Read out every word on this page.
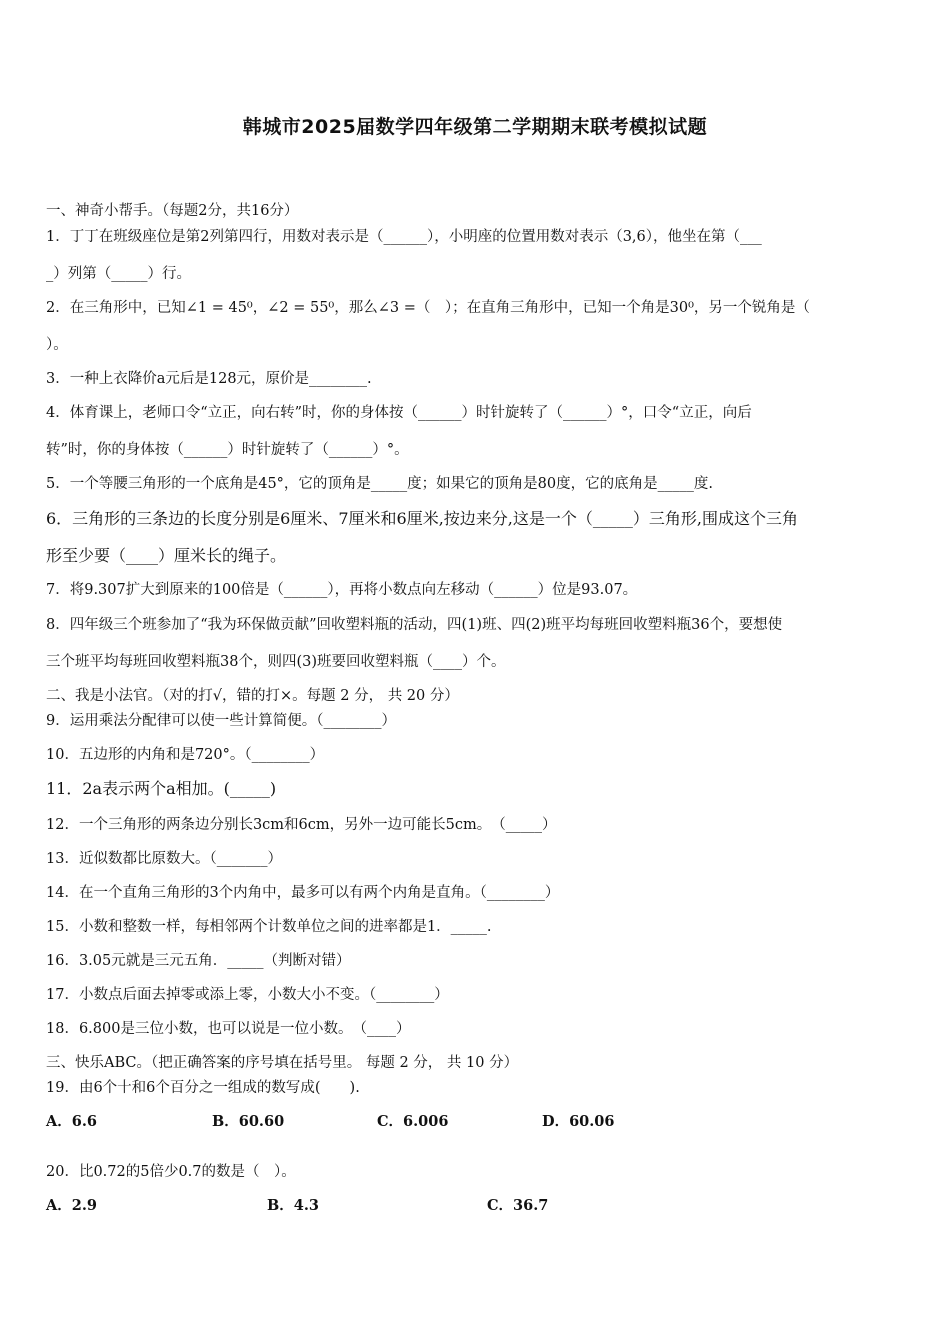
韩城市2025届数学四年级第二学期期末联考模拟试题
一、神奇小帮手。（每题2分，共16分）
1．丁丁在班级座位是第2列第四行，用数对表示是（______），小明座的位置用数对表示（3,6），他坐在第（___
_）列第（_____）行。
2．在三角形中，已知∠1 = 45⁰，∠2 = 55⁰，那么∠3 =（　）；在直角三角形中，已知一个角是30⁰，另一个锐角是（
）。
3．一种上衣降价a元后是128元，原价是________.
4．体育课上，老师口令“立正，向右转”时，你的身体按（______）时针旋转了（______）°，口令“立正，向后
转”时，你的身体按（______）时针旋转了（______）°。
5．一个等腰三角形的一个底角是45°，它的顶角是_____度；如果它的顶角是80度，它的底角是_____度.
6．三角形的三条边的长度分别是6厘米、7厘米和6厘米,按边来分,这是一个（_____）三角形,围成这个三角
形至少要（____）厘米长的绳子。
7．将9.307扩大到原来的100倍是（______），再将小数点向左移动（______）位是93.07。
8．四年级三个班参加了“我为环保做贡献”回收塑料瓶的活动，四(1)班、四(2)班平均每班回收塑料瓶36个，要想使
三个班平均每班回收塑料瓶38个，则四(3)班要回收塑料瓶（____）个。
二、我是小法官。（对的打√，错的打×。每题 2 分， 共 20 分）
9．运用乘法分配律可以使一些计算简便。（________）
10．五边形的内角和是720°。（________）
11．2a表示两个a相加。(_____)
12．一个三角形的两条边分别长3cm和6cm，另外一边可能长5cm。　（_____）
13．近似数都比原数大。（_______）
14．在一个直角三角形的3个内角中，最多可以有两个内角是直角。（________）
15．小数和整数一样，每相邻两个计数单位之间的进率都是1．_____.
16．3.05元就是三元五角．_____（判断对错）
17．小数点后面去掉零或添上零，小数大小不变。（________）
18．6.800是三位小数，也可以说是一位小数。　（____）
三、快乐ABC。（把正确答案的序号填在括号里。 每题 2 分， 共 10 分）
19．由6个十和6个百分之一组成的数写成(　　).
A．6.6	B．60.60	C．6.006	D．60.06
20．比0.72的5倍少0.7的数是（　）。
A．2.9	B．4.3	C．36.7
